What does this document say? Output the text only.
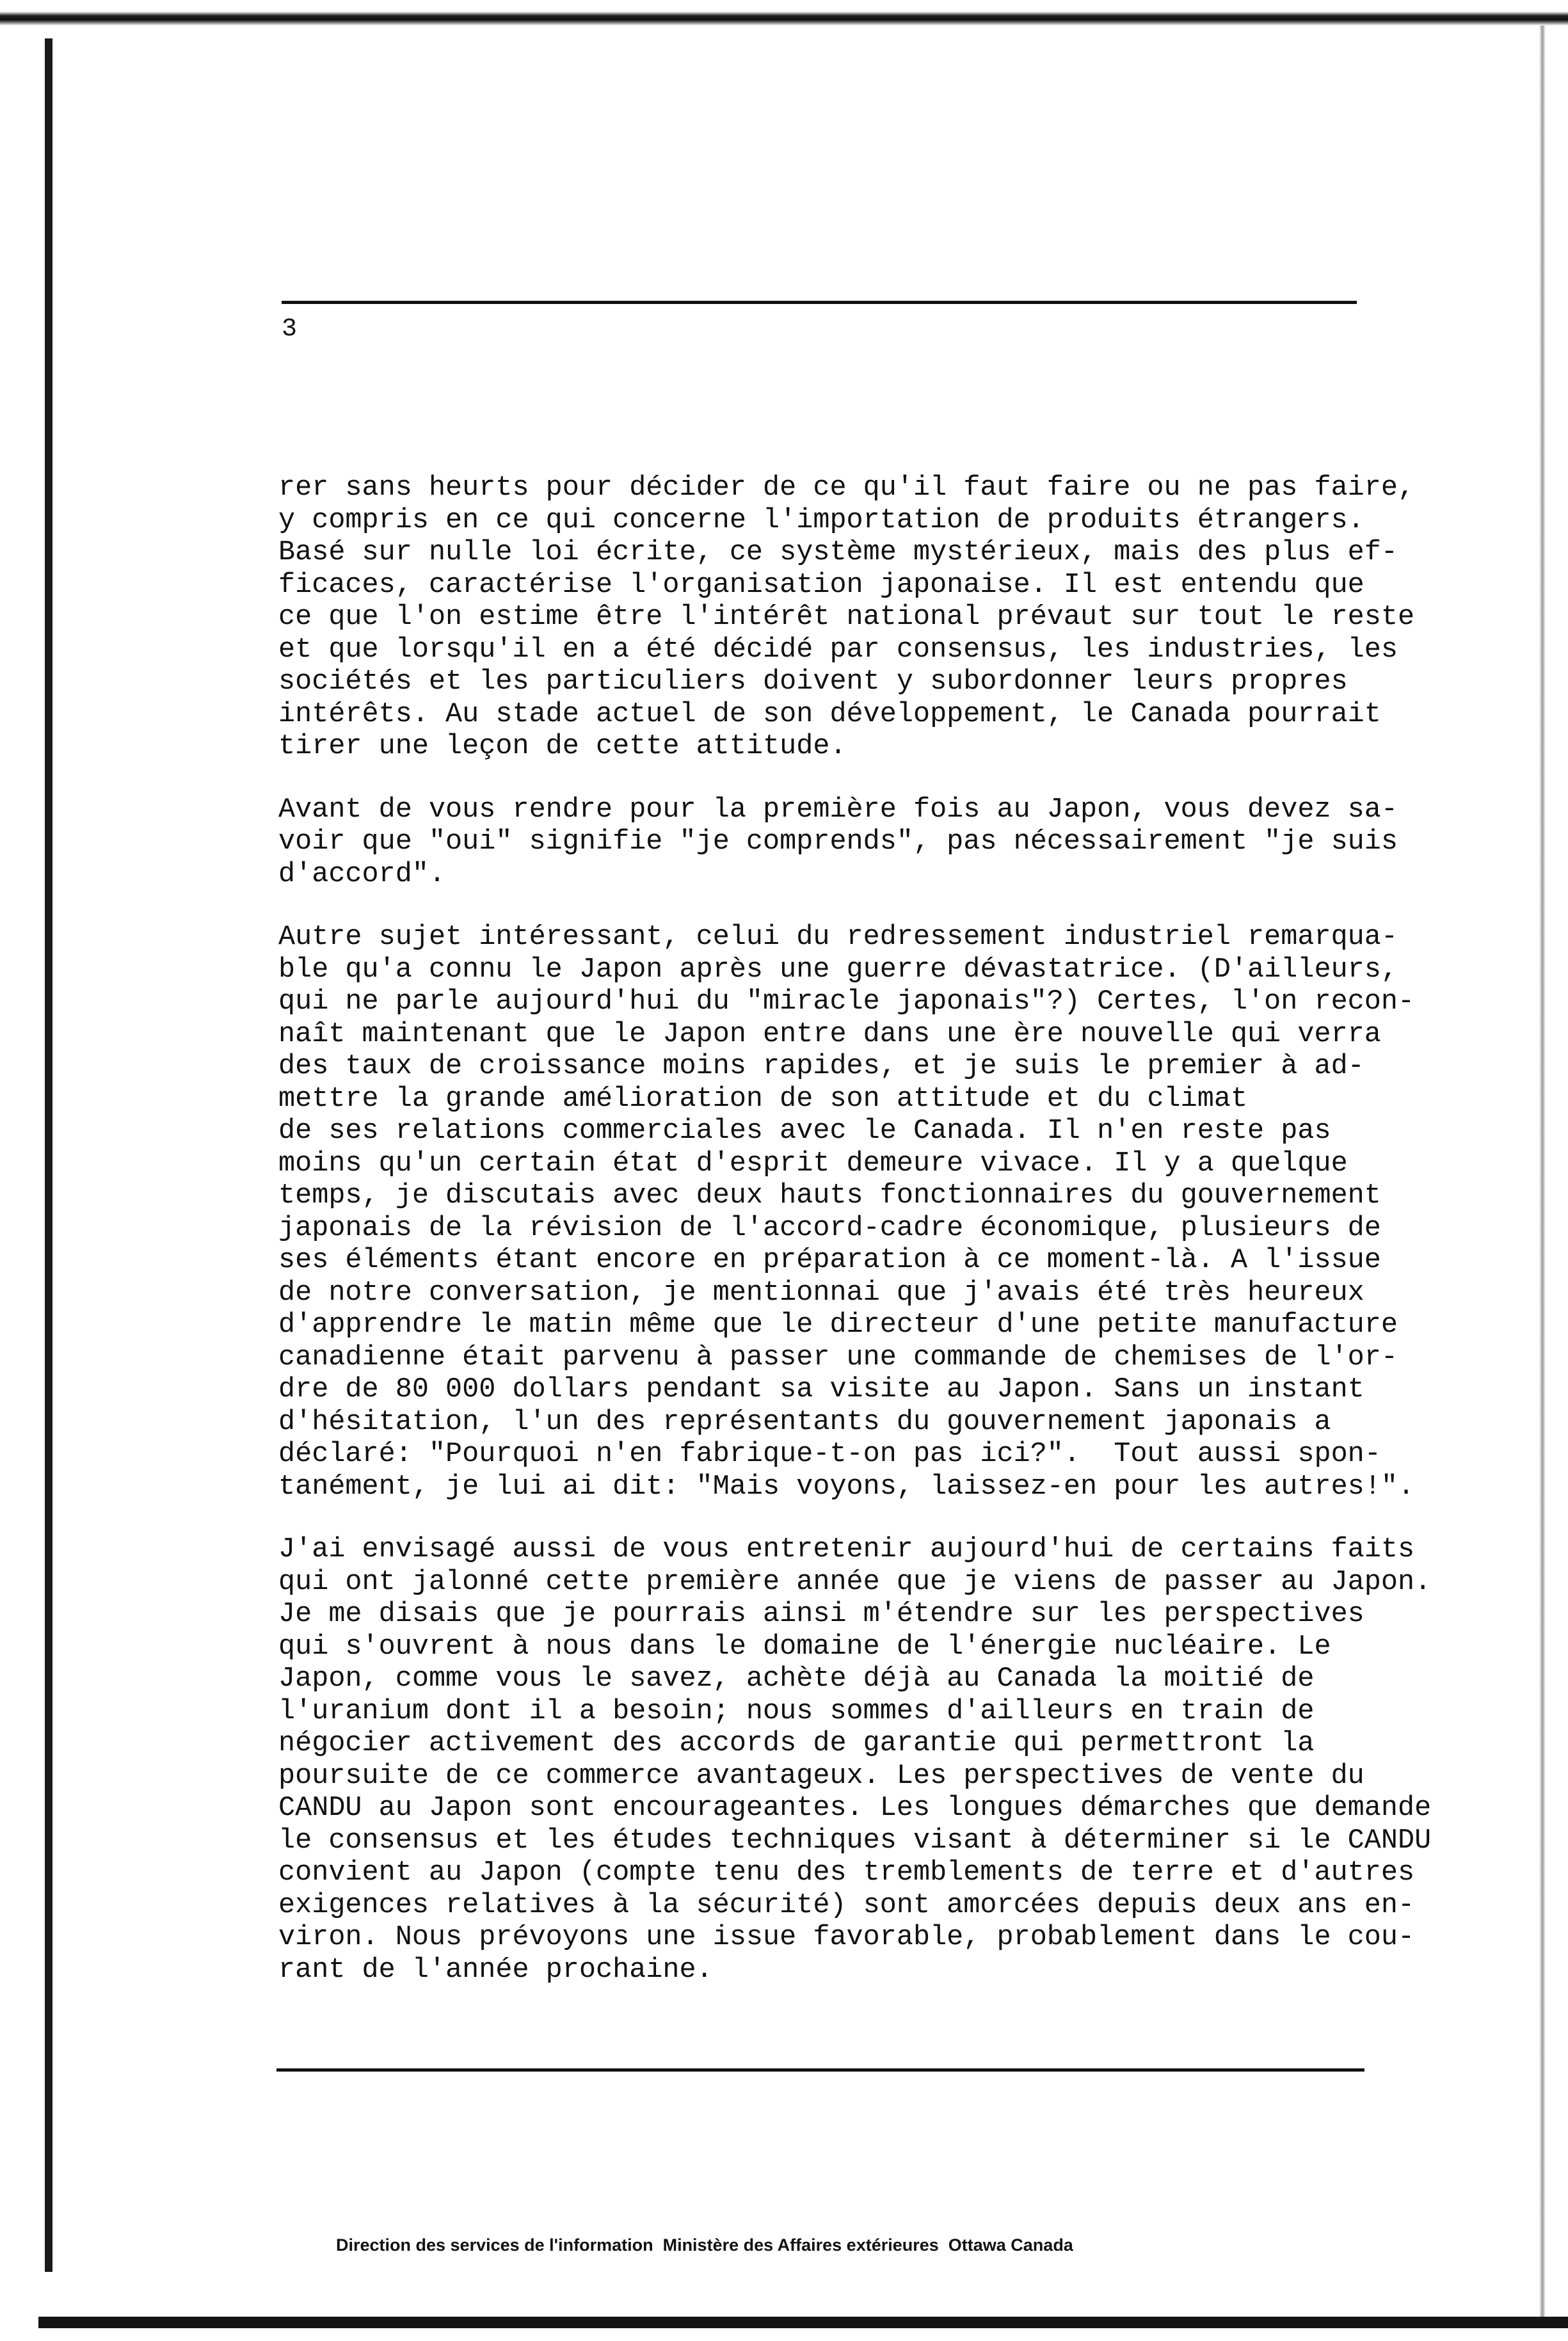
3
rer sans heurts pour décider de ce qu'il faut faire ou ne pas faire,
y compris en ce qui concerne l'importation de produits étrangers.
Basé sur nulle loi écrite, ce système mystérieux, mais des plus ef-
ficaces, caractérise l'organisation japonaise. Il est entendu que
ce que l'on estime être l'intérêt national prévaut sur tout le reste
et que lorsqu'il en a été décidé par consensus, les industries, les
sociétés et les particuliers doivent y subordonner leurs propres
intérêts. Au stade actuel de son développement, le Canada pourrait
tirer une leçon de cette attitude.
Avant de vous rendre pour la première fois au Japon, vous devez sa-
voir que "oui" signifie "je comprends", pas nécessairement "je suis
d'accord".
Autre sujet intéressant, celui du redressement industriel remarqua-
ble qu'a connu le Japon après une guerre dévastatrice. (D'ailleurs,
qui ne parle aujourd'hui du "miracle japonais"?) Certes, l'on recon-
naît maintenant que le Japon entre dans une ère nouvelle qui verra
des taux de croissance moins rapides, et je suis le premier à ad-
mettre la grande amélioration de son attitude et du climat
de ses relations commerciales avec le Canada. Il n'en reste pas
moins qu'un certain état d'esprit demeure vivace. Il y a quelque
temps, je discutais avec deux hauts fonctionnaires du gouvernement
japonais de la révision de l'accord-cadre économique, plusieurs de
ses éléments étant encore en préparation à ce moment-là. A l'issue
de notre conversation, je mentionnai que j'avais été très heureux
d'apprendre le matin même que le directeur d'une petite manufacture
canadienne était parvenu à passer une commande de chemises de l'or-
dre de 80 000 dollars pendant sa visite au Japon. Sans un instant
d'hésitation, l'un des représentants du gouvernement japonais a
déclaré: "Pourquoi n'en fabrique-t-on pas ici?".  Tout aussi spon-
tanément, je lui ai dit: "Mais voyons, laissez-en pour les autres!".
J'ai envisagé aussi de vous entretenir aujourd'hui de certains faits
qui ont jalonné cette première année que je viens de passer au Japon.
Je me disais que je pourrais ainsi m'étendre sur les perspectives
qui s'ouvrent à nous dans le domaine de l'énergie nucléaire. Le
Japon, comme vous le savez, achète déjà au Canada la moitié de
l'uranium dont il a besoin; nous sommes d'ailleurs en train de
négocier activement des accords de garantie qui permettront la
poursuite de ce commerce avantageux. Les perspectives de vente du
CANDU au Japon sont encourageantes. Les longues démarches que demande
le consensus et les études techniques visant à déterminer si le CANDU
convient au Japon (compte tenu des tremblements de terre et d'autres
exigences relatives à la sécurité) sont amorcées depuis deux ans en-
viron. Nous prévoyons une issue favorable, probablement dans le cou-
rant de l'année prochaine.
Direction des services de l'information  Ministère des Affaires extérieures  Ottawa Canada
